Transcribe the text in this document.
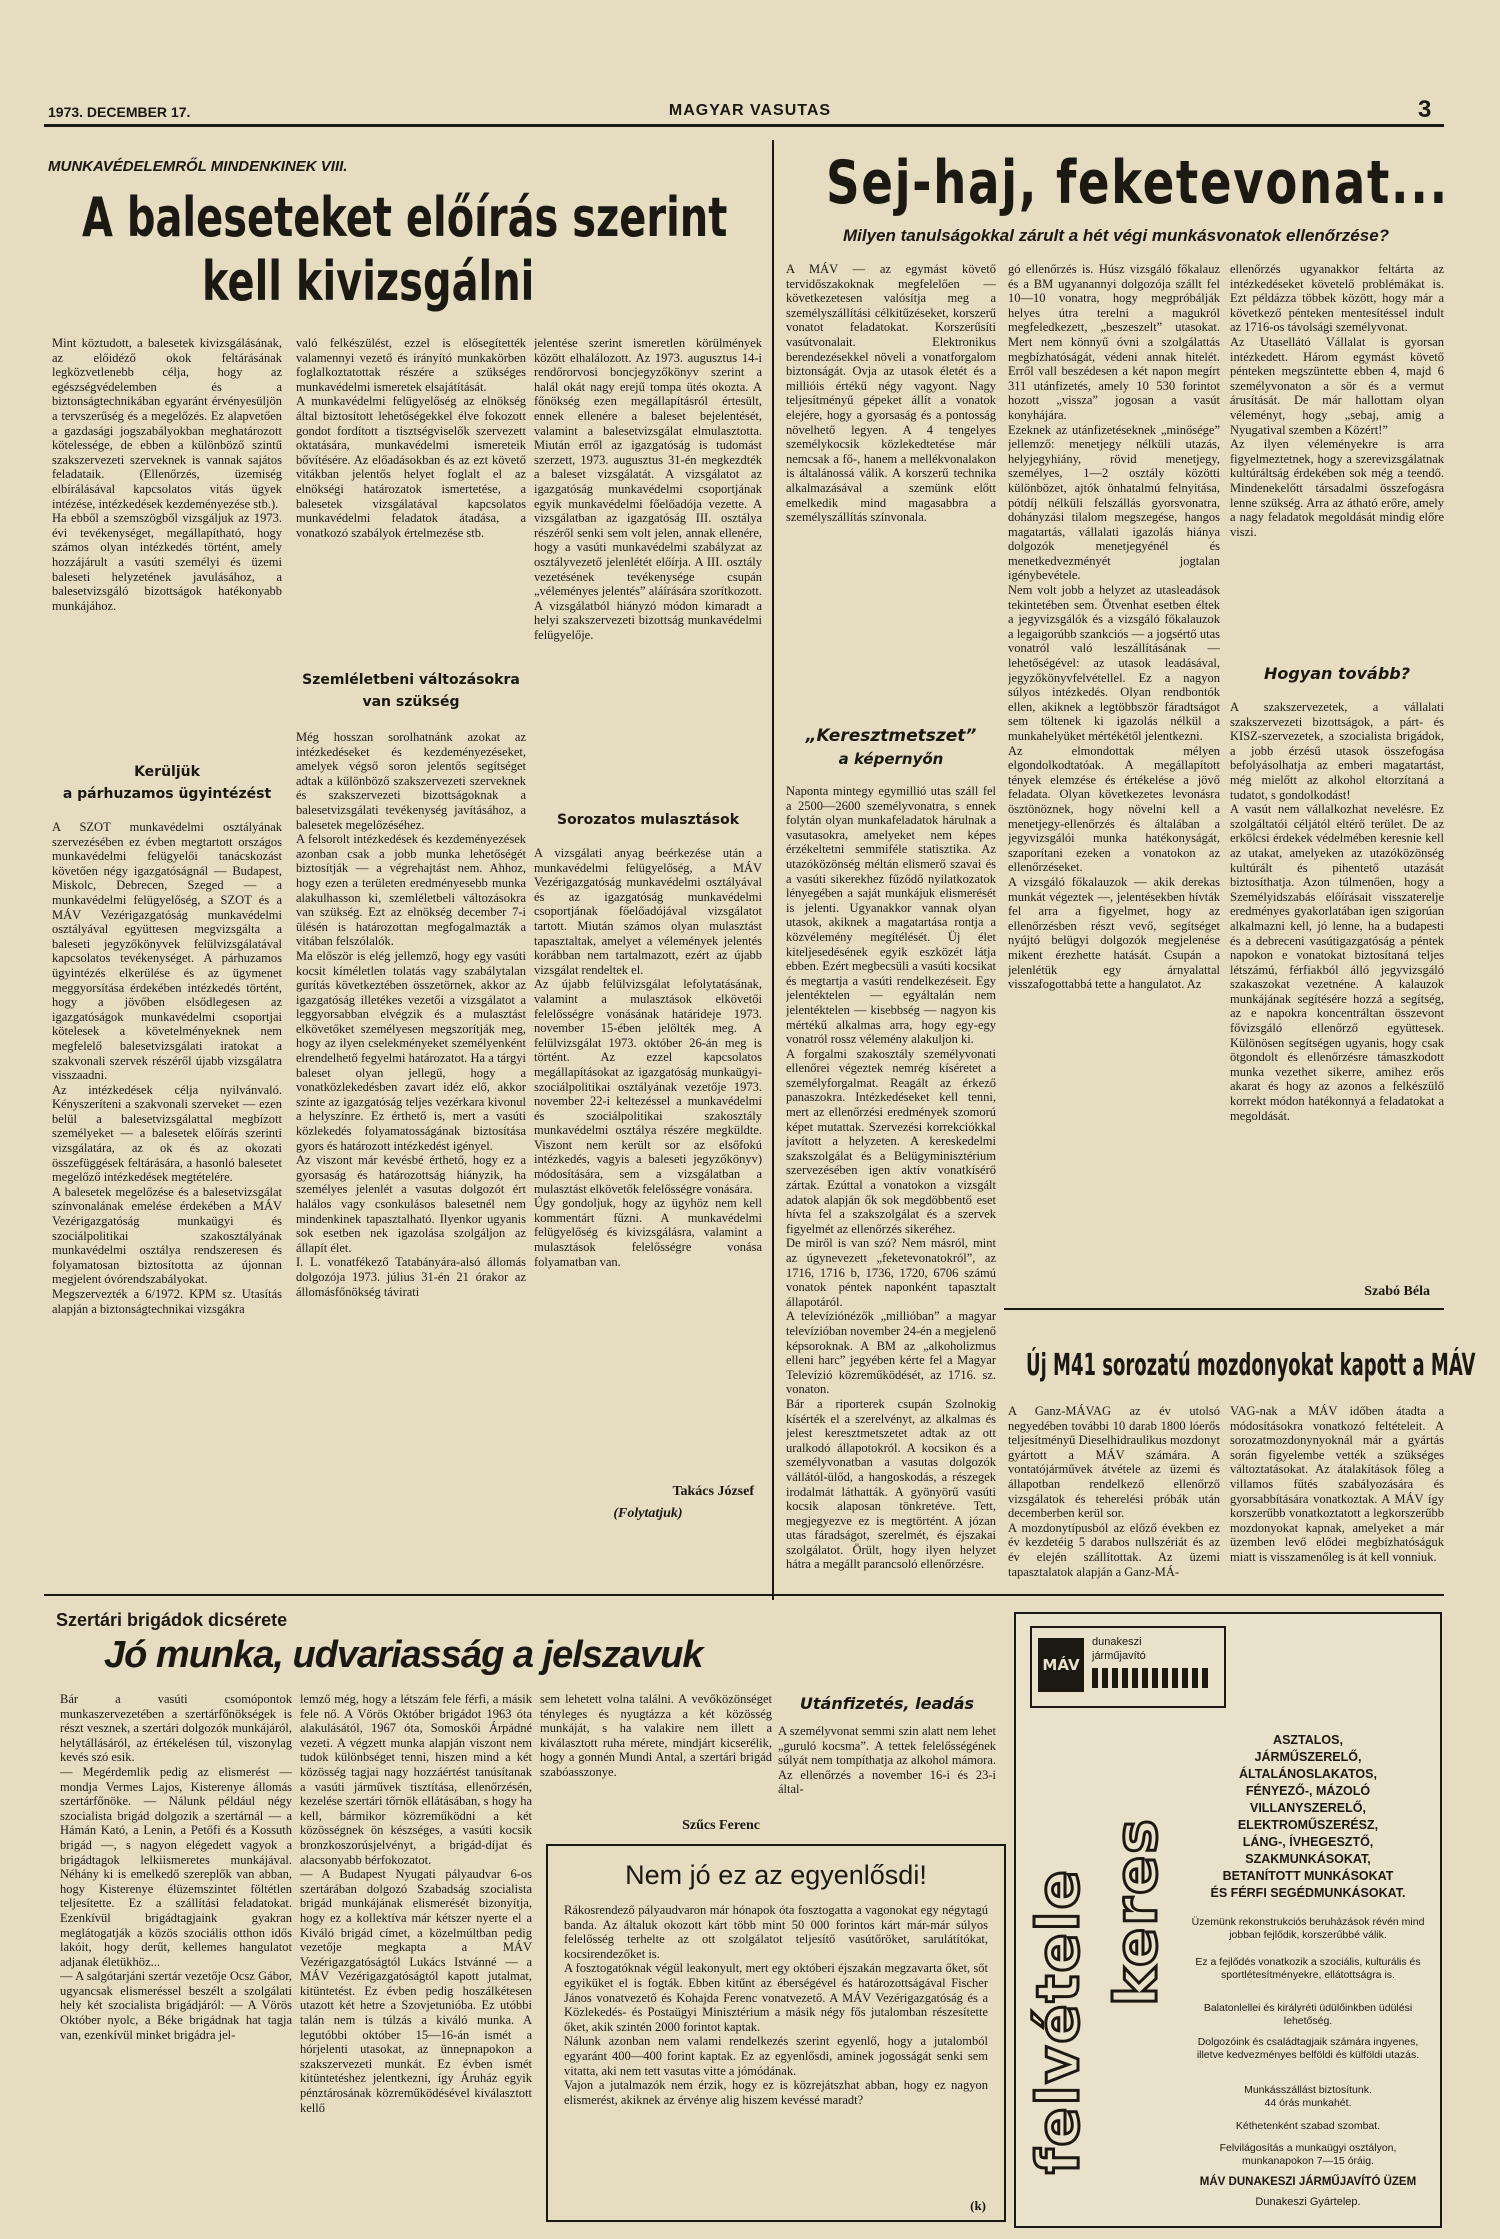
1973. DECEMBER 17.	MAGYAR VASUTAS	3
MUNKAVÉDELEMRŐL MINDENKINEK VIII.
A baleseteket előírás szerint
kell kivizsgálni
Mint köztudott, a balesetek kivizsgálásának, az előidéző okok feltárásának legközvetlenebb célja, hogy az egészségvédelemben és a biztonságtechnikában egyaránt érvényesüljön a tervszerűség és a megelőzés. Ez alapvetően a gazdasági jogszabályokban meghatározott kötelessége, de ebben a különböző szintű szakszervezeti szerveknek is vannak sajátos feladataik. (Ellenőrzés, üzemiség elbírálásával kapcsolatos vitás ügyek intézése, intézkedések kezdeményezése stb.).
Ha ebből a szemszögből vizsgáljuk az 1973. évi tevékenységet, megállapítható, hogy számos olyan intézkedés történt, amely hozzájárult a vasúti személyi és üzemi baleseti helyzetének javulásához, a balesetvizsgáló bizottságok hatékonyabb munkájához.
Kerüljük
a párhuzamos ügyintézést
A SZOT munkavédelmi osztályának szervezésében ez évben megtartott országos munkavédelmi felügyelői tanácskozást követően négy igazgatóságnál — Budapest, Miskolc, Debrecen, Szeged — a munkavédelmi felügyelőség, a SZOT és a MÁV Vezérigazgatóság munkavédelmi osztályával együttesen megvizsgálta a baleseti jegyzőkönyvek felülvizsgálatával kapcsolatos tevékenységet. A párhuzamos ügyintézés elkerülése és az ügymenet meggyorsítása érdekében intézkedés történt, hogy a jövőben elsődlegesen az igazgatóságok munkavédelmi csoportjai kötelesek a követelményeknek nem megfelelő balesetvizsgálati iratokat a szakvonali szervek részéről újabb vizsgálatra visszaadni.
Az intézkedések célja nyilvánvaló. Kényszeríteni a szakvonali szerveket — ezen belül a balesetvizsgálattal megbízott személyeket — a balesetek előírás szerinti vizsgálatára, az ok és az okozati összefüggések feltárására, a hasonló balesetet megelőző intézkedések megtételére.
A balesetek megelőzése és a balesetvizsgálat színvonalának emelése érdekében a MÁV Vezérigazgatóság munkaügyi és szociálpolitikai szakosztályának munkavédelmi osztálya rendszeresen és folyamatosan biztosította az újonnan megjelent óvórendszabályokat.
Megszervezték a 6/1972. KPM sz. Utasítás alapján a biztonságtechnikai vizsgákra
való felkészülést, ezzel is elősegítették valamennyi vezető és irányító munkakörben foglalkoztatottak részére a szükséges munkavédelmi ismeretek elsajátítását.
A munkavédelmi felügyelőség az elnökség által biztosított lehetőségekkel élve fokozott gondot fordított a tisztségviselők szervezett oktatására, munkavédelmi ismereteik bővítésére. Az előadásokban és az ezt követő vitákban jelentős helyet foglalt el az elnökségi határozatok ismertetése, a balesetek vizsgálatával kapcsolatos munkavédelmi feladatok átadása, a vonatkozó szabályok értelmezése stb.
Szemléletbeni változásokra
van szükség
Még hosszan sorolhatnánk azokat az intézkedéseket és kezdeményezéseket, amelyek végső soron jelentős segítséget adtak a különböző szakszervezeti szerveknek és szakszervezeti bizottságoknak a balesetvizsgálati tevékenység javításához, a balesetek megelőzéséhez.
A felsorolt intézkedések és kezdeményezések azonban csak a jobb munka lehetőségét biztosítják — a végrehajtást nem. Ahhoz, hogy ezen a területen eredményesebb munka alakulhasson ki, szemléletbeli változásokra van szükség. Ezt az elnökség december 7-i ülésén is határozottan megfogalmazták a vitában felszólalók.
Ma először is elég jellemző, hogy egy vasúti kocsit kíméletlen tolatás vagy szabálytalan gurítás következtében összetörnek, akkor az igazgatóság illetékes vezetői a vizsgálatot a leggyorsabban elvégzik és a mulasztást elkövetőket személyesen megszorítják meg, hogy az ilyen cselekményeket személyenként elrendelhető fegyelmi határozatot. Ha a tárgyi baleset olyan jellegű, hogy a vonatközlekedésben zavart idéz elő, akkor szinte az igazgatóság teljes vezérkara kivonul a helyszínre. Ez érthető is, mert a vasúti közlekedés folyamatosságának biztosítása gyors és határozott intézkedést igényel.
Az viszont már kevésbé érthető, hogy ez a gyorsaság és határozottság hiányzik, ha személyes jelenlét a vasutas dolgozót ért halálos vagy csonkulásos balesetnél nem mindenkinek tapasztalható. Ilyenkor ugyanis sok esetben nek igazolása szolgáljon az állapít élet.
I. L. vonatfékező Tatabányára-alsó állomás dolgozója 1973. július 31-én 21 órakor az állomásfőnökség távirati
jelentése szerint ismeretlen körülmények között elhalálozott. Az 1973. augusztus 14-i rendőrorvosi boncjegyzőkönyv szerint a halál okát nagy erejű tompa ütés okozta. A főnökség ezen megállapításról értesült, ennek ellenére a baleset bejelentését, valamint a balesetvizsgálat elmulasztotta. Miután erről az igazgatóság is tudomást szerzett, 1973. augusztus 31-én megkezdték a baleset vizsgálatát. A vizsgálatot az igazgatóság munkavédelmi csoportjának egyik munkavédelmi főelőadója vezette. A vizsgálatban az igazgatóság III. osztálya részéről senki sem volt jelen, annak ellenére, hogy a vasúti munkavédelmi szabályzat az osztályvezető jelenlétét előírja. A III. osztály vezetésének tevékenysége csupán „véleményes jelentés” aláírására szorítkozott. A vizsgálatból hiányzó módon kimaradt a helyi szakszervezeti bizottság munkavédelmi felügyelője.
Sorozatos mulasztások
A vizsgálati anyag beérkezése után a munkavédelmi felügyelőség, a MÁV Vezérigazgatóság munkavédelmi osztályával és az igazgatóság munkavédelmi csoportjának főelőadójával vizsgálatot tartott. Miután számos olyan mulasztást tapasztaltak, amelyet a vélemények jelentés korábban nem tartalmazott, ezért az újabb vizsgálat rendeltek el.
Az újabb felülvizsgálat lefolytatásának, valamint a mulasztások elkövetői felelősségre vonásának határideje 1973. november 15-ében jelölték meg. A felülvizsgálat 1973. október 26-án meg is történt. Az ezzel kapcsolatos megállapításokat az igazgatóság munkaügyi-szociálpolitikai osztályának vezetője 1973. november 22-i keltezéssel a munkavédelmi és szociálpolitikai szakosztály munkavédelmi osztálya részére megküldte. Viszont nem került sor az elsőfokú intézkedés, vagyis a baleseti jegyzőkönyv) módosítására, sem a vizsgálatban a mulasztást elkövetők felelősségre vonására.
Úgy gondoljuk, hogy az ügyhöz nem kell kommentárt fűzni. A munkavédelmi felügyelőség és kivizsgálásra, valamint a mulasztások felelősségre vonása folyamatban van.
Takács József
(Folytatjuk)
Sej-haj, feketevonat...
Milyen tanulságokkal zárult a hét végi munkásvonatok ellenőrzése?
A MÁV — az egymást követő tervidőszakoknak megfelelően — következetesen valósítja meg a személyszállítási célkitűzéseket, korszerű vonatot feladatokat. Korszerűsíti vasútvonalait. Elektronikus berendezésekkel növeli a vonatforgalom biztonságát. Ovja az utasok életét és a millióis értékű négy vagyont. Nagy teljesítményű gépeket állít a vonatok elejére, hogy a gyorsaság és a pontosság növelhető legyen. A 4 tengelyes személykocsik közlekedtetése már nemcsak a fő-, hanem a mellékvonalakon is általánossá válik. A korszerű technika alkalmazásával a szemünk előtt emelkedik mind magasabbra a személyszállítás színvonala.
„Keresztmetszet”
a képernyőn
Naponta mintegy egymillió utas száll fel a 2500—2600 személyvonatra, s ennek folytán olyan munkafeladatok hárulnak a vasutasokra, amelyeket nem képes érzékeltetni semmiféle statisztika. Az utazóközönség méltán elismerő szavai és a vasúti sikerekhez fűződő nyilatkozatok lényegében a saját munkájuk elismerését is jelenti. Ugyanakkor vannak olyan utasok, akiknek a magatartása rontja a közvélemény megítélését. Üj élet kiteljesedésének egyik eszközét látja ebben. Ezért megbecsüli a vasúti kocsikat és megtartja a vasúti rendelkezéseit. Egy jelentéktelen — egyáltalán nem jelentéktelen — kisebbség — nagyon kis mértékű alkalmas arra, hogy egy-egy vonatról rossz vélemény alakuljon ki.
A forgalmi szakosztály személyvonati ellenőrei végeztek nemrég kíséretet a személyforgalmat. Reagált az érkező panaszokra. Intézkedéseket kell tenni, mert az ellenőrzési eredmények szomorú képet mutattak. Szervezési korrekciókkal javított a helyzeten. A kereskedelmi szakszolgálat és a Belügyminisztérium szervezésében igen aktív vonatkísérő zártak. Ezúttal a vonatokon a vizsgált adatok alapján ők sok megdöbbentő eset hívta fel a szakszolgálat és a szervek figyelmét az ellenőrzés sikeréhez.
De miről is van szó? Nem másról, mint az úgynevezett „feketevonatokról”, az 1716, 1716 b, 1736, 1720, 6706 számú vonatok péntek naponként tapasztalt állapotáról.
A televíziónézők „millióban” a magyar televízióban november 24-én a megjelenő képsoroknak. A BM az „alkoholizmus elleni harc” jegyében kérte fel a Magyar Televízió közreműködését, az 1716. sz. vonaton.
Bár a riporterek csupán Szolnokig kísérték el a szerelvényt, az alkalmas és jelest keresztmetszetet adtak az ott uralkodó állapotokról. A kocsikon és a személyvonatban a vasutas dolgozók vállától-ülőd, a hangoskodás, a részegek irodalmát láthatták. A gyönyörű vasúti kocsik alaposan tönkretéve. Tett, megjegyezve ez is megtörtént. A józan utas fáradságot, szerelmét, és éjszakai szolgálatot. Örült, hogy ilyen helyzet hátra a megállt parancsoló ellenőrzésre.
gó ellenőrzés is. Húsz vizsgáló főkalauz és a BM ugyanannyi dolgozója szállt fel 10—10 vonatra, hogy megpróbálják helyes útra terelni a magukról megfeledkezett, „beszeszelt” utasokat. Mert nem könnyű óvni a szolgálattás megbízhatóságát, védeni annak hitelét. Erről vall beszédesen a két napon megírt 311 utánfizetés, amely 10 530 forintot hozott „vissza” jogosan a vasút konyhájára.
Ezeknek az utánfizetéseknek „minősége” jellemző: menetjegy nélküli utazás, helyjegyhiány, rövid menetjegy, személyes, 1—2 osztály közötti különbözet, ajtók önhatalmú felnyitása, pótdíj nélküli felszállás gyorsvonatra, dohányzási tilalom megszegése, hangos magatartás, vállalati igazolás hiánya dolgozók menetjegyénél és menetkedvezményét jogtalan igénybevétele.
Nem volt jobb a helyzet az utasleadások tekintetében sem. Ötvenhat esetben éltek a jegyvizsgálók és a vizsgáló főkalauzok a legaigorúbb szankciós — a jogsértő utas vonatról való leszállításának — lehetőségével: az utasok leadásával, jegyzőkönyvfelvétellel. Ez a nagyon súlyos intézkedés. Olyan rendbontók ellen, akiknek a legtöbbször fáradtságot sem töltenek ki igazolás nélkül a munkahelyüket mértékétől jelentkezni.
Az elmondottak mélyen elgondolkodtatóak. A megállapított tények elemzése és értékelése a jövő feladata. Olyan következetes levonásra ösztönöznek, hogy növelni kell a menetjegy-ellenőrzés és általában a jegyvizsgálói munka hatékonyságát, szaporítani ezeken a vonatokon az ellenőrzéseket.
A vizsgáló főkalauzok — akik derekas munkát végeztek —, jelentésekben hívták fel arra a figyelmet, hogy az ellenőrzésben részt vevő, segítséget nyújtó belügyi dolgozók megjelenése mikent érezhette hatását. Csupán a jelenlétük egy árnyalattal visszafogottabbá tette a hangulatot. Az
ellenőrzés ugyanakkor feltárta az intézkedéseket követelő problémákat is. Ezt példázza többek között, hogy már a következő pénteken mentesítéssel indult az 1716-os távolsági személyvonat.
Az Utasellátó Vállalat is gyorsan intézkedett. Három egymást követő pénteken megszüntette ebben 4, majd 6 személyvonaton a sör és a vermut árusítását. De már hallottam olyan véleményt, hogy „sebaj, amig a Nyugatival szemben a Közért!”
Az ilyen véleményekre is arra figyelmeztetnek, hogy a szerevizsgálatnak kultúráltság érdekében sok még a teendő. Mindenekelőtt társadalmi összefogásra lenne szükség. Arra az átható erőre, amely a nagy feladatok megoldását mindig előre viszi.
Hogyan tovább?
A szakszervezetek, a vállalati szakszervezeti bizottságok, a párt- és KISZ-szervezetek, a szocialista brigádok, a jobb érzésű utasok összefogása befolyásolhatja az emberi magatartást, még mielőtt az alkohol eltorzítaná a tudatot, s gondolkodást!
A vasút nem vállalkozhat nevelésre. Ez szolgáltatói céljától eltérő terület. De az erkölcsi érdekek védelmében keresnie kell az utakat, amelyeken az utazóközönség kultúrált és pihentető utazását biztosíthatja. Azon túlmenően, hogy a Személyidszabás előírásait visszaterelje eredményes gyakorlatában igen szigorúan alkalmazni kell, jó lenne, ha a budapesti és a debreceni vasútigazgatóság a péntek napokon e vonatokat biztosítaná teljes létszámú, férfiakból álló jegyvizsgáló szakaszokat vezetnéne. A kalauzok munkájának segítésére hozzá a segítség, az e napokra koncentráltan összevont fővizsgáló ellenőrző együttesek. Különösen segítségen ugyanis, hogy csak ötgondolt és ellenőrzésre támaszkodott munka vezethet sikerre, amihez erős akarat és hogy az azonos a felkészülő korrekt módon hatékonnyá a feladatokat a megoldását.
Szabó Béla
Új M41 sorozatú mozdonyokat kapott a MÁV
A Ganz-MÁVAG az év utolsó negyedében további 10 darab 1800 lóerős teljesítményű Dieselhidraulikus mozdonyt gyártott a MÁV számára. A vontatójárművek átvétele az üzemi és állapotban rendelkező ellenőrző vizsgálatok és teherelési próbák után decemberben kerül sor.
A mozdonytípusból az előző években ez év kezdetéig 5 darabos nullszériát és az év elején szállítottak. Az üzemi tapasztalatok alapján a Ganz-MÁ-
VAG-nak a MÁV időben átadta a módosításokra vonatkozó feltételeit. A sorozatmozdonynyoknál már a gyártás során figyelembe vették a szükséges változtatásokat. Az átalakítások főleg a villamos fűtés szabályozására és gyorsabbítására vonatkoztak. A MÁV így korszerűbb vonatkoztatott a legkorszerűbb mozdonyokat kapnak, amelyeket a már üzemben levő elődei megbízhatóságuk miatt is visszamenőleg is át kell vonniuk.
Szertári brigádok dicsérete
Jó munka, udvariasság a jelszavuk
Bár a vasúti csomópontok munkaszervezetében a szertárfőnökségek is részt vesznek, a szertári dolgozók munkájáról, helytállásáról, az értékelésen túl, viszonylag kevés szó esik.
— Megérdemlik pedig az elismerést — mondja Vermes Lajos, Kisterenye állomás szertárfőnöke. — Nálunk például négy szocialista brigád dolgozik a szertárnál — a Hámán Kató, a Lenin, a Petőfi és a Kossuth brigád —, s nagyon elégedett vagyok a brigádtagok lelkiismeretes munkájával. Néhány ki is emelkedő szereplők van abban, hogy Kisterenye élüzemszintet föltétlen teljesítette. Ez a szállítási feladatokat. Ezenkívül brigádtagjaink gyakran meglátogatják a közös szociális otthon idős lakóit, hogy derűt, kellemes hangulatot adjanak életükhöz...
— A salgótarjáni szertár vezetője Ocsz Gábor, ugyancsak elismeréssel beszélt a szolgálati hely két szocialista brigádjáról: — A Vörös Október nyolc, a Béke brigádnak hat tagja van, ezenkívül minket brigádra jel-
lemző még, hogy a létszám fele férfi, a másik fele nő. A Vörös Október brigádot 1963 óta alakulásától, 1967 óta, Somoskői Árpádné vezeti. A végzett munka alapján viszont nem tudok különbséget tenni, hiszen mind a két közösség tagjai nagy hozzáértést tanúsítanak a vasúti járművek tisztítása, ellenőrzésén, kezelése szertári tőrnök ellátásában, s hogy ha kell, bármikor közreműködni a két közösségnek ön készséges, a vasúti kocsik bronzkoszorúsjelvényt, a brigád-díjat és alacsonyabb bérfokozatot.
— A Budapest Nyugati pályaudvar 6-os szertárában dolgozó Szabadság szocialista brigád munkájának elismerését bizonyítja, hogy ez a kollektíva már kétszer nyerte el a Kiváló brigád címet, a közelmúltban pedig vezetője megkapta a MÁV Vezérigazgatóságtól Lukács Istvánné — a MÁV Vezérigazgatóságtól kapott jutalmat, kitüntetést. Ez évben pedig hoszálkétesen utazott két hetre a Szovjetunióba. Ez utóbbi talán nem is túlzás a kiváló munka. A legutóbbi október 15—16-án ismét a hórjelenti utasokat, az ünnepnapokon a szakszervezeti munkát. Ez évben ismét kitüntetéshez jelentkezni, így Áruház egyik pénztárosának közreműködésével kiválasztott kellő
sem lehetett volna találni. A vevőközönséget tényleges és nyugtázza a két közösség munkáját, s ha valakire nem illett a kiválasztott ruha mérete, mindjárt kicserélik, hogy a gonnén Mundi Antal, a szertári brigád szabóasszonye.
Szűcs Ferenc
Utánfizetés, leadás
A személyvonat semmi szin alatt nem lehet „guruló kocsma”. A tettek felelősségének súlyát nem tompíthatja az alkohol mámora. Az ellenőrzés a november 16-i és 23-i által-
Nem jó ez az egyenlősdi!
Rákosrendező pályaudvaron már hónapok óta fosztogatta a vagonokat egy négytagú banda. Az általuk okozott kárt több mint 50 000 forintos kárt már-már súlyos felelősség terhelte az ott szolgálatot teljesítő vasútőröket, sarulátítókat, kocsirendezőket is.
A fosztogatóknak végül leakonyult, mert egy októberi éjszakán megzavarta őket, sőt egyiküket el is fogták. Ebben kitűnt az éberségével és határozottságával Fischer János vonatvezető és Kohajda Ferenc vonatvezető. A MÁV Vezérigazgatóság és a Közlekedés- és Postaügyi Minisztérium a másik négy fős jutalomban részesítette őket, akik szintén 2000 forintot kaptak.
Nálunk azonban nem valami rendelkezés szerint egyenlő, hogy a jutalomból egyaránt 400—400 forint kaptak. Ez az egyenlősdi, aminek jogosságát senki sem vitatta, aki nem tett vasutas vitte a jómódának.
Vajon a jutalmazók nem érzik, hogy ez is közrejátszhat abban, hogy ez nagyon elismerést, akiknek az érvénye alig hiszem kevéssé maradt?
(k)
MÁV
dunakeszi
járműjavító
felvétele keres
ASZTALOS,
JÁRMŰSZERELŐ,
ÁLTALÁNOSLAKATOS,
FÉNYEZŐ-, MÁZOLÓ
VILLANYSZERELŐ,
ELEKTROMŰSZERÉSZ,
LÁNG-, ÍVHEGESZTŐ,
SZAKMUNKÁSOKAT,
BETANÍTOTT MUNKÁSOKAT
ÉS FÉRFI SEGÉDMUNKÁSOKAT.
Üzemünk rekonstrukciós beruházások révén mind jobban fejlődik, korszerűbbé válik.
Ez a fejlődés vonatkozik a szociális, kulturális és sportlétesítményekre, ellátottságra is.
Balatonlellei és királyréti üdülőinkben üdülési lehetőség.
Dolgozóink és családtagjaik számára ingyenes, illetve kedvezményes belföldi és külföldi utazás.
Munkásszállást biztosítunk.
44 órás munkahét.
Kéthetenként szabad szombat.
Felvilágosítás a munkaügyi osztályon, munkanapokon 7—15 óráig.
MÁV DUNAKESZI JÁRMŰJAVÍTÓ ÜZEM
Dunakeszi Gyártelep.
